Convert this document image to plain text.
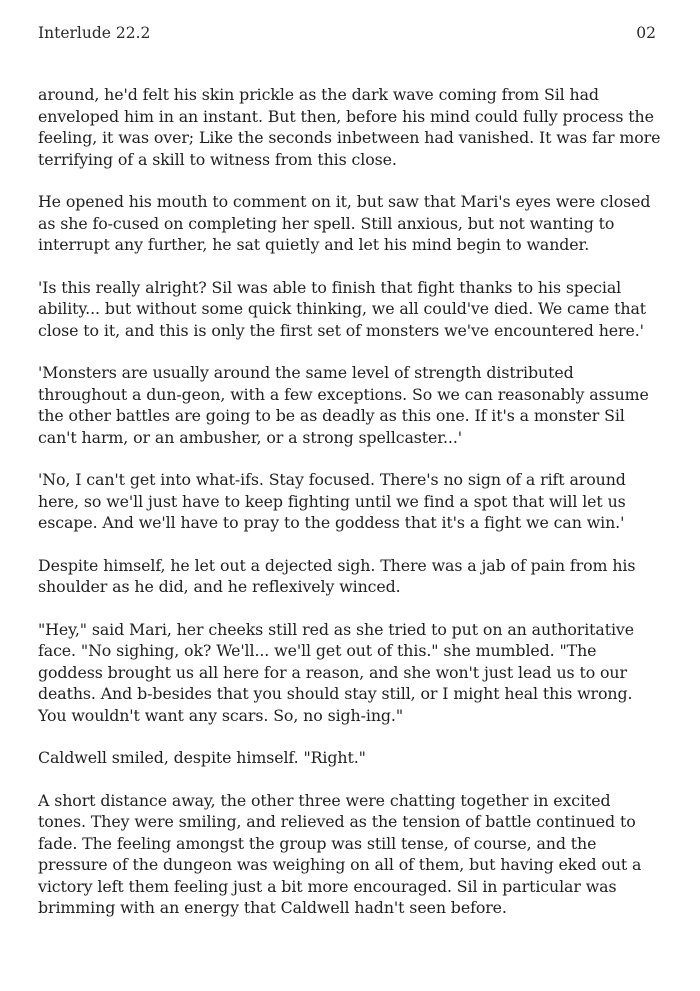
Interlude 22.2	02

around, he'd felt his skin prickle as the dark wave coming from Sil had enveloped him in an instant. But then, before his mind could fully process the feeling, it was over; Like the seconds inbetween had vanished. It was far more terrifying of a skill to witness from this close.

He opened his mouth to comment on it, but saw that Mari's eyes were closed as she fo-cused on completing her spell. Still anxious, but not wanting to interrupt any further, he sat quietly and let his mind begin to wander.

'Is this really alright? Sil was able to finish that fight thanks to his special ability... but without some quick thinking, we all could've died. We came that close to it, and this is only the first set of monsters we've encountered here.'

'Monsters are usually around the same level of strength distributed throughout a dun-geon, with a few exceptions. So we can reasonably assume the other battles are going to be as deadly as this one. If it's a monster Sil can't harm, or an ambusher, or a strong spellcaster...'

'No, I can't get into what-ifs. Stay focused. There's no sign of a rift around here, so we'll just have to keep fighting until we find a spot that will let us escape. And we'll have to pray to the goddess that it's a fight we can win.'

Despite himself, he let out a dejected sigh. There was a jab of pain from his shoulder as he did, and he reflexively winced.

"Hey," said Mari, her cheeks still red as she tried to put on an authoritative face. "No sighing, ok? We'll... we'll get out of this." she mumbled. "The goddess brought us all here for a reason, and she won't just lead us to our deaths. And b-besides that you should stay still, or I might heal this wrong. You wouldn't want any scars. So, no sigh-ing."

Caldwell smiled, despite himself. "Right."

A short distance away, the other three were chatting together in excited tones. They were smiling, and relieved as the tension of battle continued to fade. The feeling amongst the group was still tense, of course, and the pressure of the dungeon was weighing on all of them, but having eked out a victory left them feeling just a bit more encouraged. Sil in particular was brimming with an energy that Caldwell hadn't seen before.
